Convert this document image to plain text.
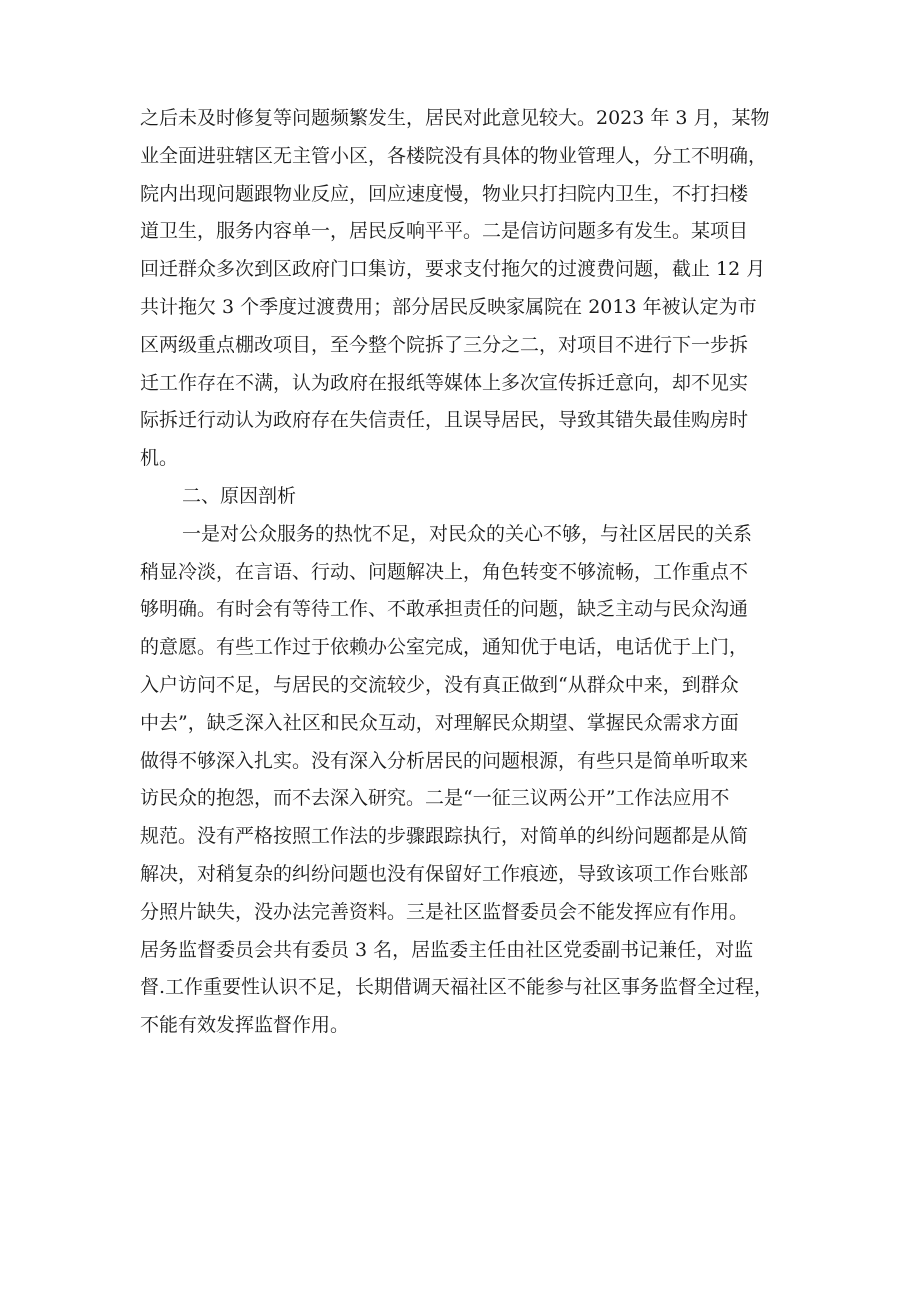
之后未及时修复等问题频繁发生，居民对此意见较大。2023 年 3 月，某物
业全面进驻辖区无主管小区，各楼院没有具体的物业管理人，分工不明确，
院内出现问题跟物业反应，回应速度慢，物业只打扫院内卫生，不打扫楼
道卫生，服务内容单一，居民反响平平。二是信访问题多有发生。某项目
回迁群众多次到区政府门口集访，要求支付拖欠的过渡费问题，截止 12 月
共计拖欠 3 个季度过渡费用；部分居民反映家属院在 2013 年被认定为市
区两级重点棚改项目，至今整个院拆了三分之二，对项目不进行下一步拆
迁工作存在不满，认为政府在报纸等媒体上多次宣传拆迁意向，却不见实
际拆迁行动认为政府存在失信责任，且误导居民，导致其错失最佳购房时
机。
二、原因剖析
一是对公众服务的热忱不足，对民众的关心不够，与社区居民的关系
稍显冷淡，在言语、行动、问题解决上，角色转变不够流畅，工作重点不
够明确。有时会有等待工作、不敢承担责任的问题，缺乏主动与民众沟通
的意愿。有些工作过于依赖办公室完成，通知优于电话，电话优于上门，
入户访问不足，与居民的交流较少，没有真正做到“从群众中来，到群众
中去”，缺乏深入社区和民众互动，对理解民众期望、掌握民众需求方面
做得不够深入扎实。没有深入分析居民的问题根源，有些只是简单听取来
访民众的抱怨，而不去深入研究。二是“一征三议两公开”工作法应用不
规范。没有严格按照工作法的步骤跟踪执行，对简单的纠纷问题都是从简
解决，对稍复杂的纠纷问题也没有保留好工作痕迹，导致该项工作台账部
分照片缺失，没办法完善资料。三是社区监督委员会不能发挥应有作用。
居务监督委员会共有委员 3 名，居监委主任由社区党委副书记兼任，对监
督.工作重要性认识不足，长期借调天福社区不能参与社区事务监督全过程，
不能有效发挥监督作用。
